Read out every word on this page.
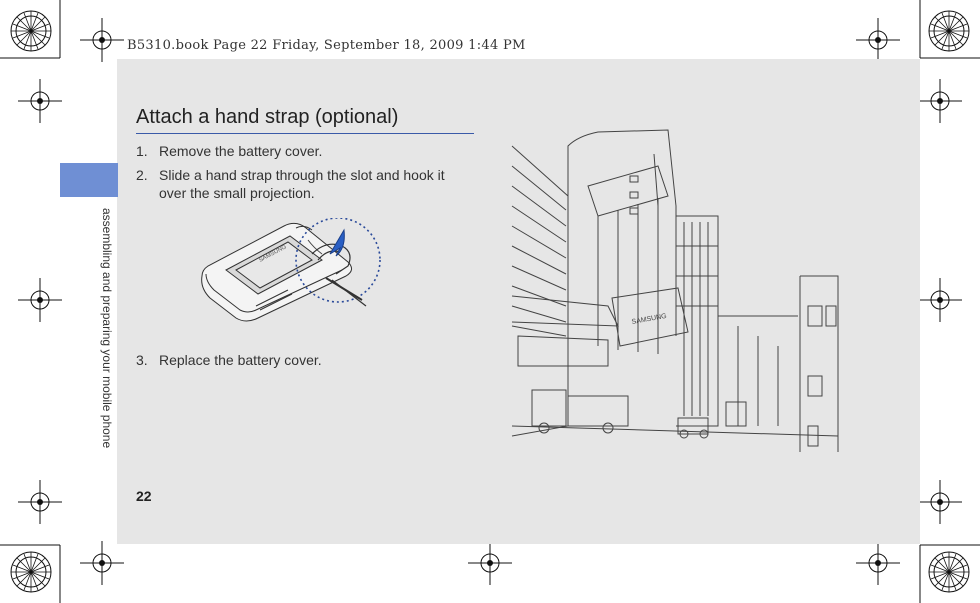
B5310.book Page 22 Friday, September 18, 2009 1:44 PM
assembling and preparing your mobile phone
Attach a hand strap (optional)
1. Remove the battery cover.
2. Slide a hand strap through the slot and hook it over the small projection.
SAMSUNG
3. Replace the battery cover.
SAMSUNG
22
